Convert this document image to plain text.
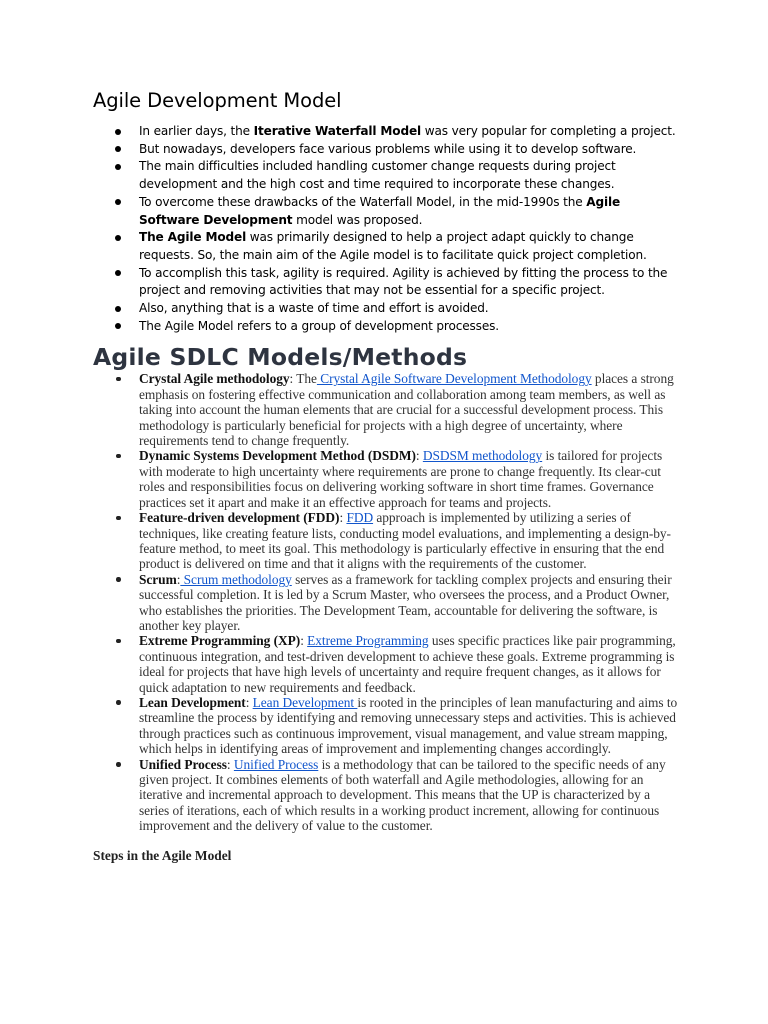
Agile Development Model
In earlier days, the Iterative Waterfall Model was very popular for completing a project.
But nowadays, developers face various problems while using it to develop software.
The main difficulties included handling customer change requests during project development and the high cost and time required to incorporate these changes.
To overcome these drawbacks of the Waterfall Model, in the mid-1990s the Agile Software Development model was proposed.
The Agile Model was primarily designed to help a project adapt quickly to change requests. So, the main aim of the Agile model is to facilitate quick project completion.
To accomplish this task, agility is required. Agility is achieved by fitting the process to the project and removing activities that may not be essential for a specific project.
Also, anything that is a waste of time and effort is avoided.
The Agile Model refers to a group of development processes.
Agile SDLC Models/Methods
Crystal Agile methodology: The Crystal Agile Software Development Methodology places a strong emphasis on fostering effective communication and collaboration among team members, as well as taking into account the human elements that are crucial for a successful development process. This methodology is particularly beneficial for projects with a high degree of uncertainty, where requirements tend to change frequently.
Dynamic Systems Development Method (DSDM): DSDSM methodology is tailored for projects with moderate to high uncertainty where requirements are prone to change frequently. Its clear-cut roles and responsibilities focus on delivering working software in short time frames. Governance practices set it apart and make it an effective approach for teams and projects.
Feature-driven development (FDD): FDD approach is implemented by utilizing a series of techniques, like creating feature lists, conducting model evaluations, and implementing a design-by-feature method, to meet its goal. This methodology is particularly effective in ensuring that the end product is delivered on time and that it aligns with the requirements of the customer.
Scrum: Scrum methodology serves as a framework for tackling complex projects and ensuring their successful completion. It is led by a Scrum Master, who oversees the process, and a Product Owner, who establishes the priorities. The Development Team, accountable for delivering the software, is another key player.
Extreme Programming (XP): Extreme Programming uses specific practices like pair programming, continuous integration, and test-driven development to achieve these goals. Extreme programming is ideal for projects that have high levels of uncertainty and require frequent changes, as it allows for quick adaptation to new requirements and feedback.
Lean Development: Lean Development is rooted in the principles of lean manufacturing and aims to streamline the process by identifying and removing unnecessary steps and activities. This is achieved through practices such as continuous improvement, visual management, and value stream mapping, which helps in identifying areas of improvement and implementing changes accordingly.
Unified Process: Unified Process is a methodology that can be tailored to the specific needs of any given project. It combines elements of both waterfall and Agile methodologies, allowing for an iterative and incremental approach to development. This means that the UP is characterized by a series of iterations, each of which results in a working product increment, allowing for continuous improvement and the delivery of value to the customer.
Steps in the Agile Model
